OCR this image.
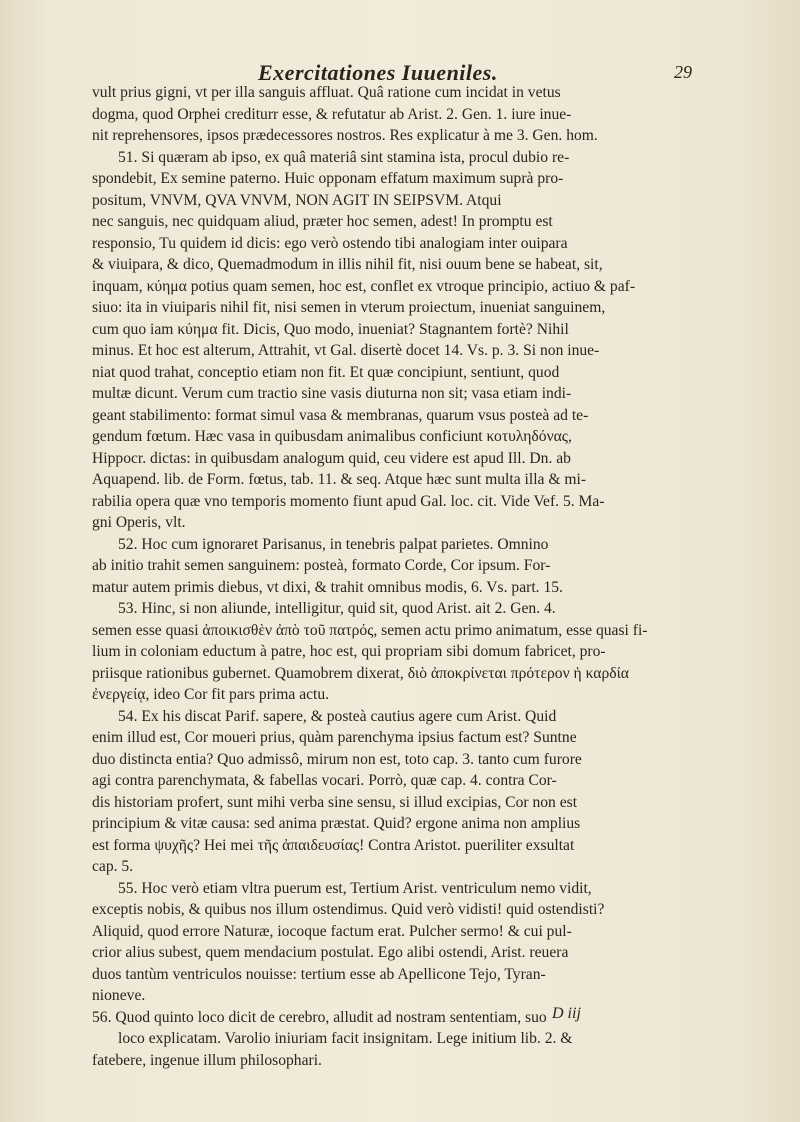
Exercitationes Iuueniles.	29
vult prius gigni, vt per illa sanguis affluat. Quâ ratione cum incidat in vetus
dogma, quod Orphei crediturr esse, & refutatur ab Arist. 2. Gen. 1. iure inue-
nit reprehensores, ipsos prædecessores nostros. Res explicatur à me 3. Gen. hom.
51. Si quæram ab ipso, ex quâ materiâ sint stamina ista, procul dubio re-
spondebit, Ex semine paterno. Huic opponam effatum maximum suprà pro-
positum, VNVM, QVA VNVM, NON AGIT IN SEIPSVM. Atqui
nec sanguis, nec quidquam aliud, præter hoc semen, adest! In promptu est
responsio, Tu quidem id dicis: ego verò ostendo tibi analogiam inter ouipara
& viuipara, & dico, Quemadmodum in illis nihil fit, nisi ouum bene se habeat, sit,
inquam, κύημα potius quam semen, hoc est, conflet ex vtroque principio, actiuo & paf-
siuo: ita in viuiparis nihil fit, nisi semen in vterum proiectum, inueniat sanguinem,
cum quo iam κύημα fit. Dicis, Quo modo, inueniat? Stagnantem fortè? Nihil
minus. Et hoc est alterum, Attrahit, vt Gal. disertè docet 14. Vs. p. 3. Si non inue-
niat quod trahat, conceptio etiam non fit. Et quæ concipiunt, sentiunt, quod
multæ dicunt. Verum cum tractio sine vasis diuturna non sit; vasa etiam indi-
geant stabilimento: format simul vasa & membranas, quarum vsus posteà ad te-
gendum fœtum. Hæc vasa in quibusdam animalibus conficiunt κοτυληδόνας,
Hippocr. dictas: in quibusdam analogum quid, ceu videre est apud Ill. Dn. ab
Aquapend. lib. de Form. fœtus, tab. 11. & seq. Atque hæc sunt multa illa & mi-
rabilia opera quæ vno temporis momento fiunt apud Gal. loc. cit. Vide Vef. 5. Ma-
gni Operis, vlt.
52. Hoc cum ignoraret Parisanus, in tenebris palpat parietes. Omnino
ab initio trahit semen sanguinem: posteà, formato Corde, Cor ipsum. For-
matur autem primis diebus, vt dixi, & trahit omnibus modis, 6. Vs. part. 15.
53. Hinc, si non aliunde, intelligitur, quid sit, quod Arist. ait 2. Gen. 4.
semen esse quasi ἀποικισθὲν ἀπὸ τοῦ πατρός, semen actu primo animatum, esse quasi fi-
lium in coloniam eductum à patre, hoc est, qui propriam sibi domum fabricet, pro-
priisque rationibus gubernet. Quamobrem dixerat, διὸ ἀποκρίνεται πρότερον ἡ καρδία
ἐνεργείᾳ, ideo Cor fit pars prima actu.
54. Ex his discat Parif. sapere, & posteà cautius agere cum Arist. Quid
enim illud est, Cor moueri prius, quàm parenchyma ipsius factum est? Suntne
duo distincta entia? Quo admissô, mirum non est, toto cap. 3. tanto cum furore
agi contra parenchymata, & fabellas vocari. Porrò, quæ cap. 4. contra Cor-
dis historiam profert, sunt mihi verba sine sensu, si illud excipias, Cor non est
principium & vitæ causa: sed anima præstat. Quid? ergone anima non amplius
est forma ψυχῆς? Hei mei τῆς ἀπαιδευσίας! Contra Aristot. pueriliter exsultat
cap. 5.
55. Hoc verò etiam vltra puerum est, Tertium Arist. ventriculum nemo vidit,
exceptis nobis, & quibus nos illum ostendimus. Quid verò vidisti! quid ostendisti?
Aliquid, quod errore Naturæ, iocoque factum erat. Pulcher sermo! & cui pul-
crior alius subest, quem mendacium postulat. Ego alibi ostendi, Arist. reuera
duos tantùm ventriculos nouisse: tertium esse ab Apellicone Tejo, Tyran-
nioneve.
56. Quod quinto loco dicit de cerebro, alludit ad nostram sententiam, suo
loco explicatam. Varolio iniuriam facit insignitam. Lege initium lib. 2. &
fatebere, ingenue illum philosophari.
D iij
